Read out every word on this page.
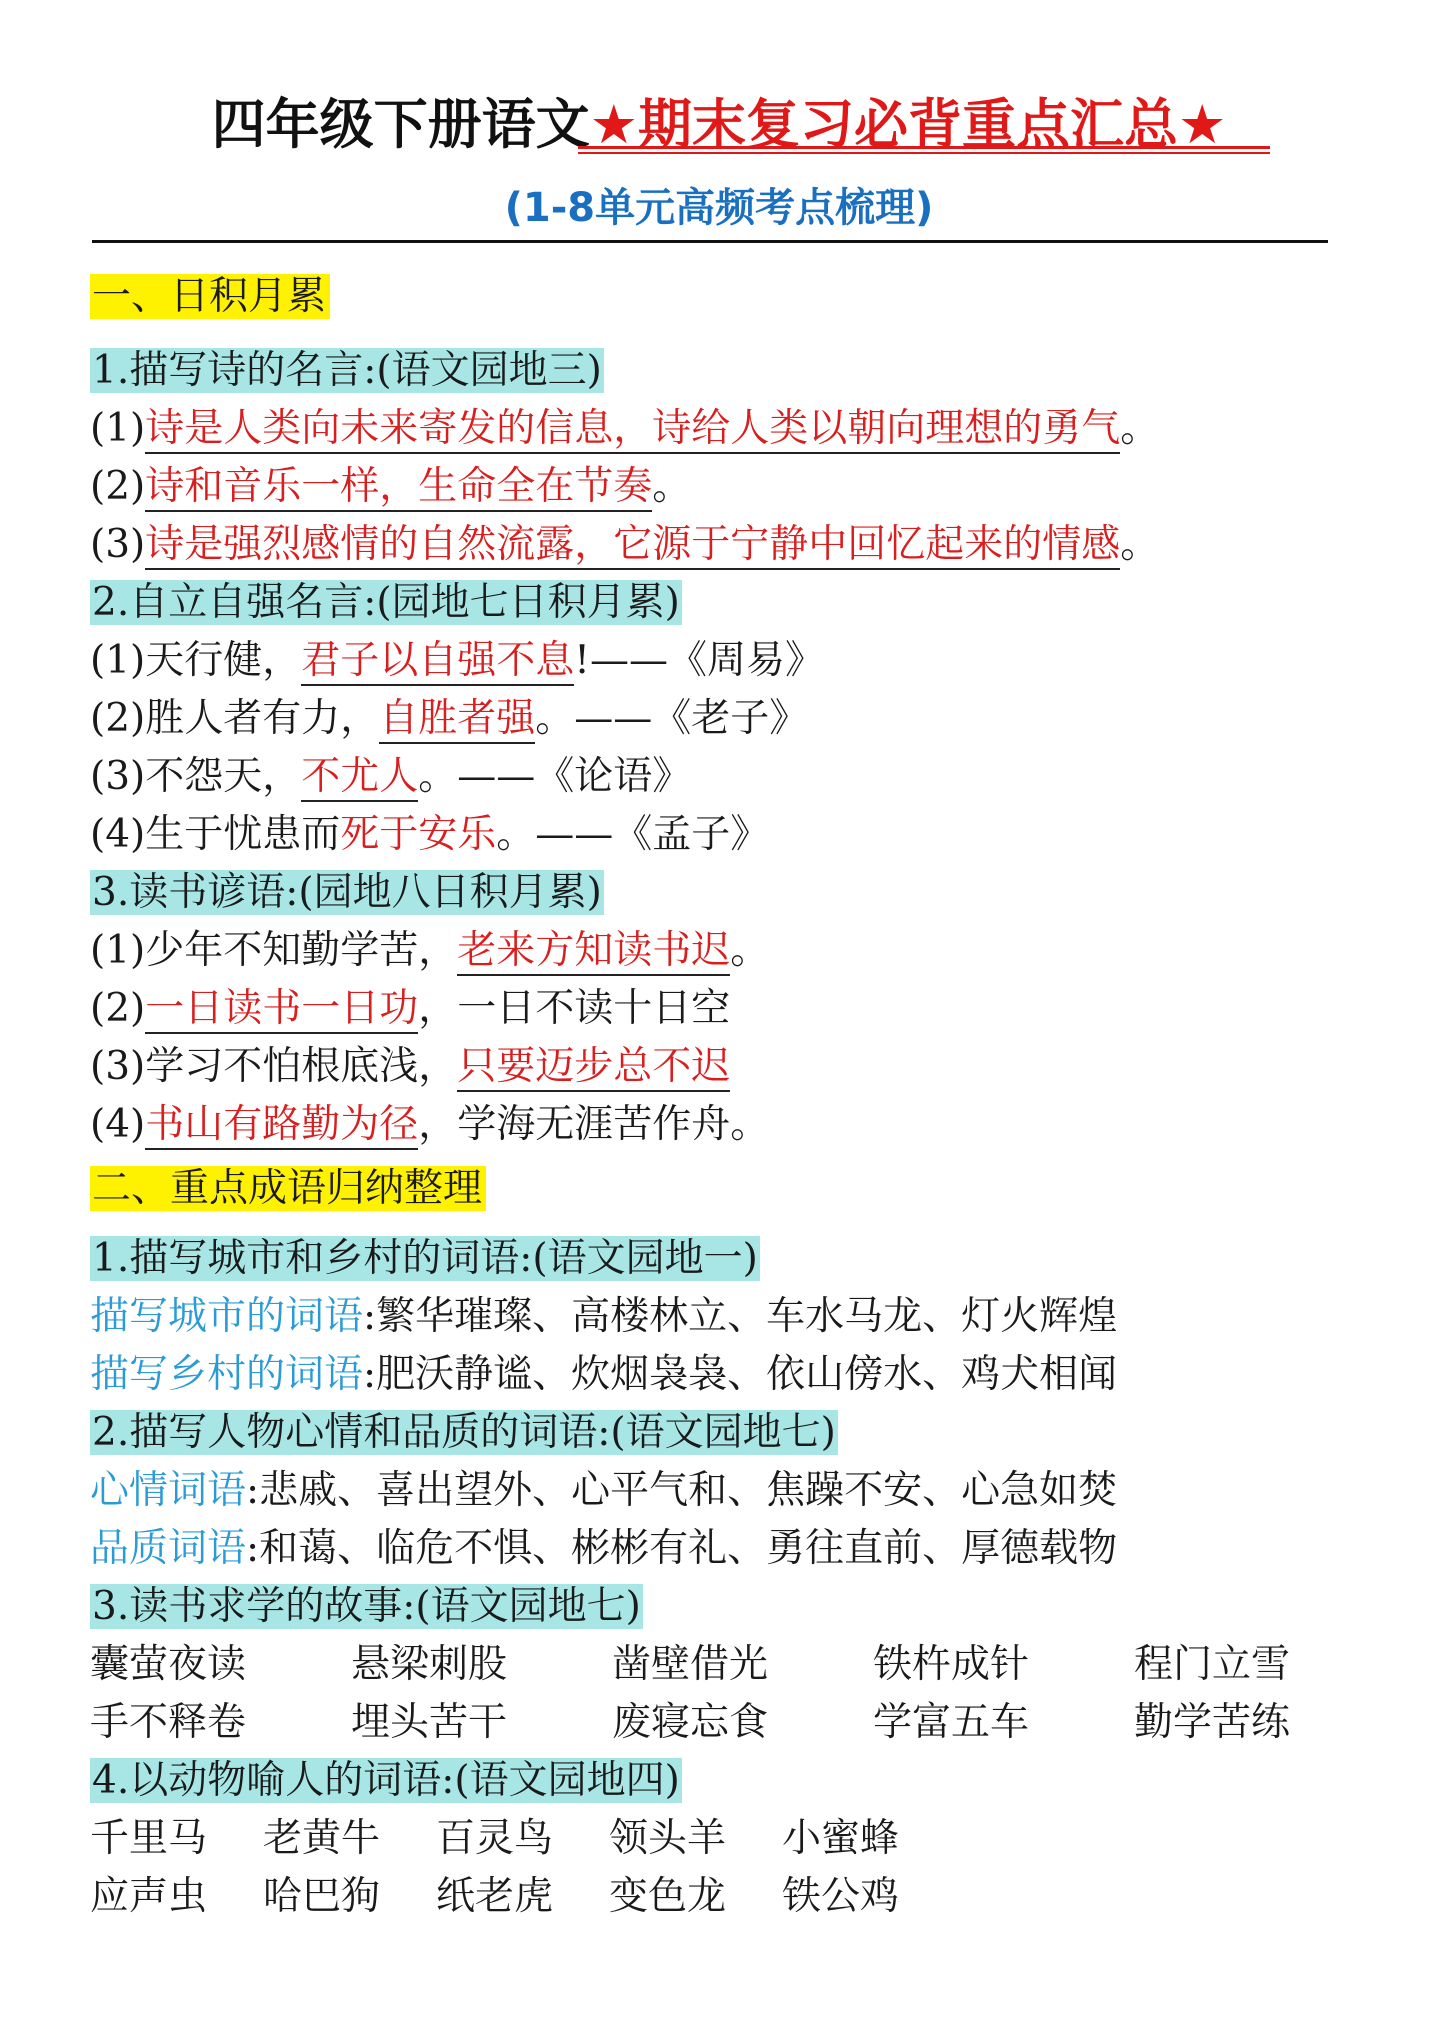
四年级下册语文★期末复习必背重点汇总★
(1-8单元高频考点梳理)
一、日积月累
1.描写诗的名言:(语文园地三)
(1)诗是人类向未来寄发的信息，诗给人类以朝向理想的勇气。
(2)诗和音乐一样，生命全在节奏。
(3)诗是强烈感情的自然流露，它源于宁静中回忆起来的情感。
2.自立自强名言:(园地七日积月累)
(1)天行健，君子以自强不息!——《周易》
(2)胜人者有力，自胜者强。——《老子》
(3)不怨天，不尤人。——《论语》
(4)生于忧患而死于安乐。——《孟子》
3.读书谚语:(园地八日积月累)
(1)少年不知勤学苦，老来方知读书迟。
(2)一日读书一日功，一日不读十日空
(3)学习不怕根底浅，只要迈步总不迟
(4)书山有路勤为径，学海无涯苦作舟。
二、重点成语归纳整理
1.描写城市和乡村的词语:(语文园地一)
描写城市的词语:繁华璀璨、高楼林立、车水马龙、灯火辉煌
描写乡村的词语:肥沃静谧、炊烟袅袅、依山傍水、鸡犬相闻
2.描写人物心情和品质的词语:(语文园地七)
心情词语:悲戚、喜出望外、心平气和、焦躁不安、心急如焚
品质词语:和蔼、临危不惧、彬彬有礼、勇往直前、厚德载物
3.读书求学的故事:(语文园地七)
囊萤夜读	悬梁刺股	凿壁借光	铁杵成针	程门立雪
手不释卷	埋头苦干	废寝忘食	学富五车	勤学苦练
4.以动物喻人的词语:(语文园地四)
千里马 老黄牛 百灵鸟 领头羊 小蜜蜂
应声虫 哈巴狗 纸老虎 变色龙 铁公鸡
